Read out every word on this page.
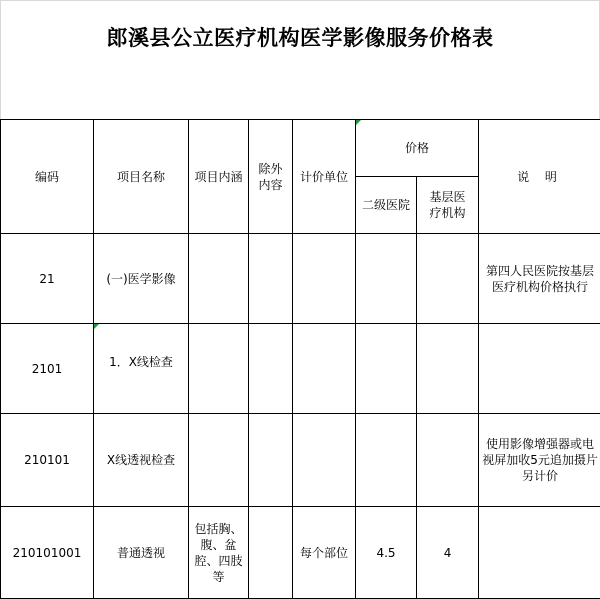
郎溪县公立医疗机构医学影像服务价格表
编码	项目名称	项目内涵	除外内容	计价单位	价格		说 明
					二级医院	基层医疗机构	
21	(一)医学影像						第四人民医院按基层医疗机构价格执行
2101	1．X线检查						
210101	X线透视检查						使用影像增强器或电视屏加收5元追加摄片另计价
210101001	普通透视	包括胸、腹、盆腔、四肢等		每个部位	4.5	4	
